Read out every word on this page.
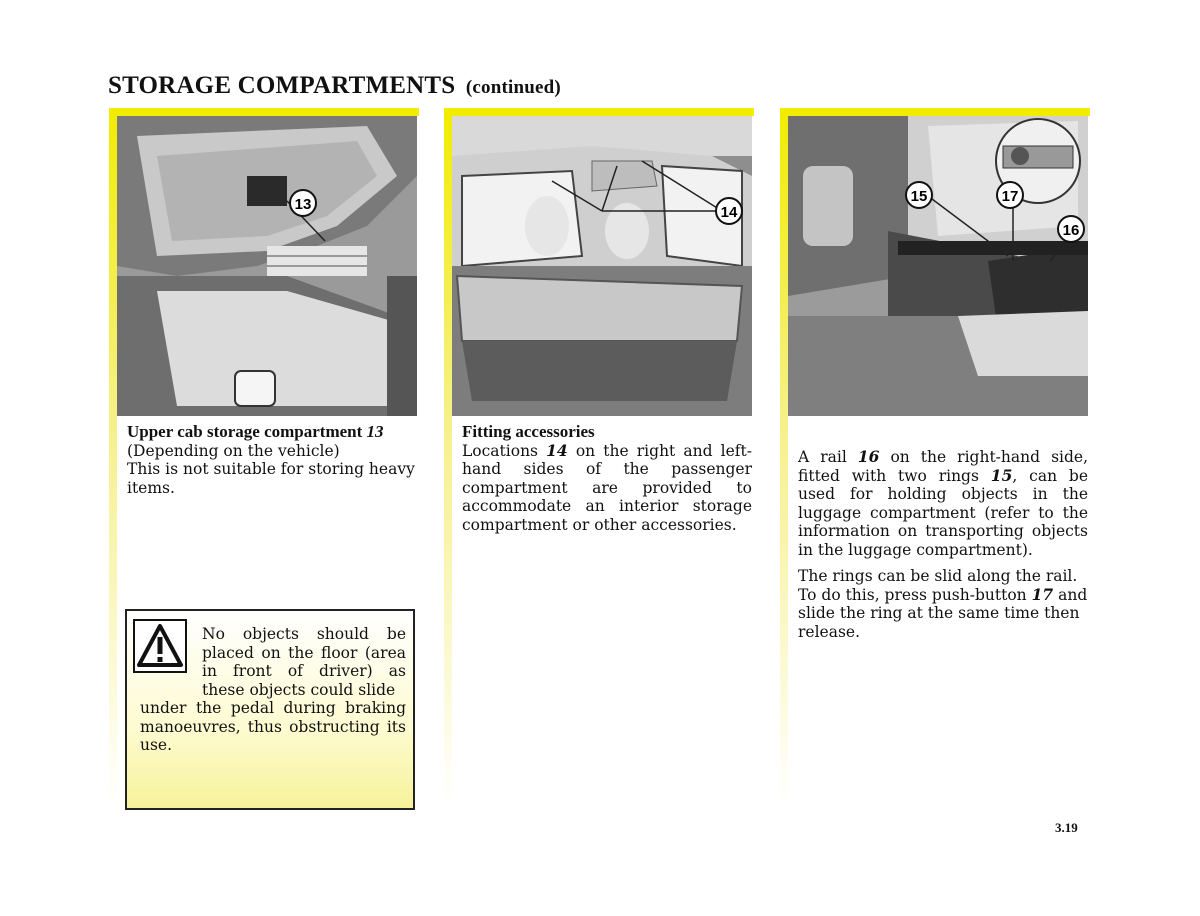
STORAGE COMPARTMENTS (continued)
13
Upper cab storage compartment 13
(Depending on the vehicle)
This is not suitable for storing heavy items.
No objects should be placed on the floor (area in front of driver) as these objects could slide
under the pedal during braking manoeuvres, thus obstructing its use.
14
Fitting accessories
Locations 14 on the right and left-hand sides of the passenger compartment are provided to accommodate an interior storage compartment or other accessories.
15	17
16

A rail 16 on the right-hand side, fitted with two rings 15, can be used for holding objects in the luggage compartment (refer to the information on transporting objects in the luggage compartment).

The rings can be slid along the rail. To do this, press push-button 17 and slide the ring at the same time then release.

3.19
